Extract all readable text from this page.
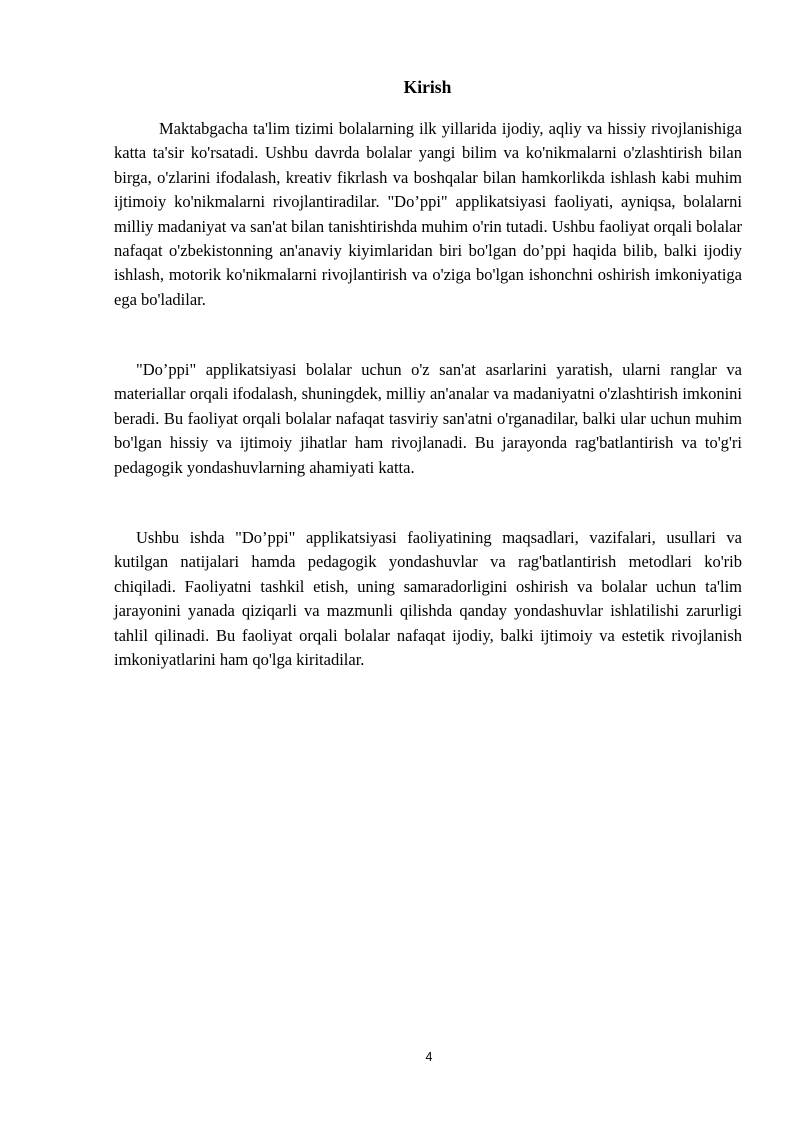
Kirish

Maktabgacha ta'lim tizimi bolalarning ilk yillarida ijodiy, aqliy va hissiy rivojlanishiga katta ta'sir ko'rsatadi. Ushbu davrda bolalar yangi bilim va ko'nikmalarni o'zlashtirish bilan birga, o'zlarini ifodalash, kreativ fikrlash va boshqalar bilan hamkorlikda ishlash kabi muhim ijtimoiy ko'nikmalarni rivojlantiradilar. "Do’ppi" applikatsiyasi faoliyati, ayniqsa, bolalarni milliy madaniyat va san'at bilan tanishtirishda muhim o'rin tutadi. Ushbu faoliyat orqali bolalar nafaqat o'zbekistonning an'anaviy kiyimlaridan biri bo'lgan do’ppi haqida bilib, balki ijodiy ishlash, motorik ko'nikmalarni rivojlantirish va o'ziga bo'lgan ishonchni oshirish imkoniyatiga ega bo'ladilar.

"Do’ppi" applikatsiyasi bolalar uchun o'z san'at asarlarini yaratish, ularni ranglar va materiallar orqali ifodalash, shuningdek, milliy an'analar va madaniyatni o'zlashtirish imkonini beradi. Bu faoliyat orqali bolalar nafaqat tasviriy san'atni o'rganadilar, balki ular uchun muhim bo'lgan hissiy va ijtimoiy jihatlar ham rivojlanadi. Bu jarayonda rag'batlantirish va to'g'ri pedagogik yondashuvlarning ahamiyati katta.

Ushbu ishda "Do’ppi" applikatsiyasi faoliyatining maqsadlari, vazifalari, usullari va kutilgan natijalari hamda pedagogik yondashuvlar va rag'batlantirish metodlari ko'rib chiqiladi. Faoliyatni tashkil etish, uning samaradorligini oshirish va bolalar uchun ta'lim jarayonini yanada qiziqarli va mazmunli qilishda qanday yondashuvlar ishlatilishi zarurligi tahlil qilinadi. Bu faoliyat orqali bolalar nafaqat ijodiy, balki ijtimoiy va estetik rivojlanish imkoniyatlarini ham qo'lga kiritadilar.

4
